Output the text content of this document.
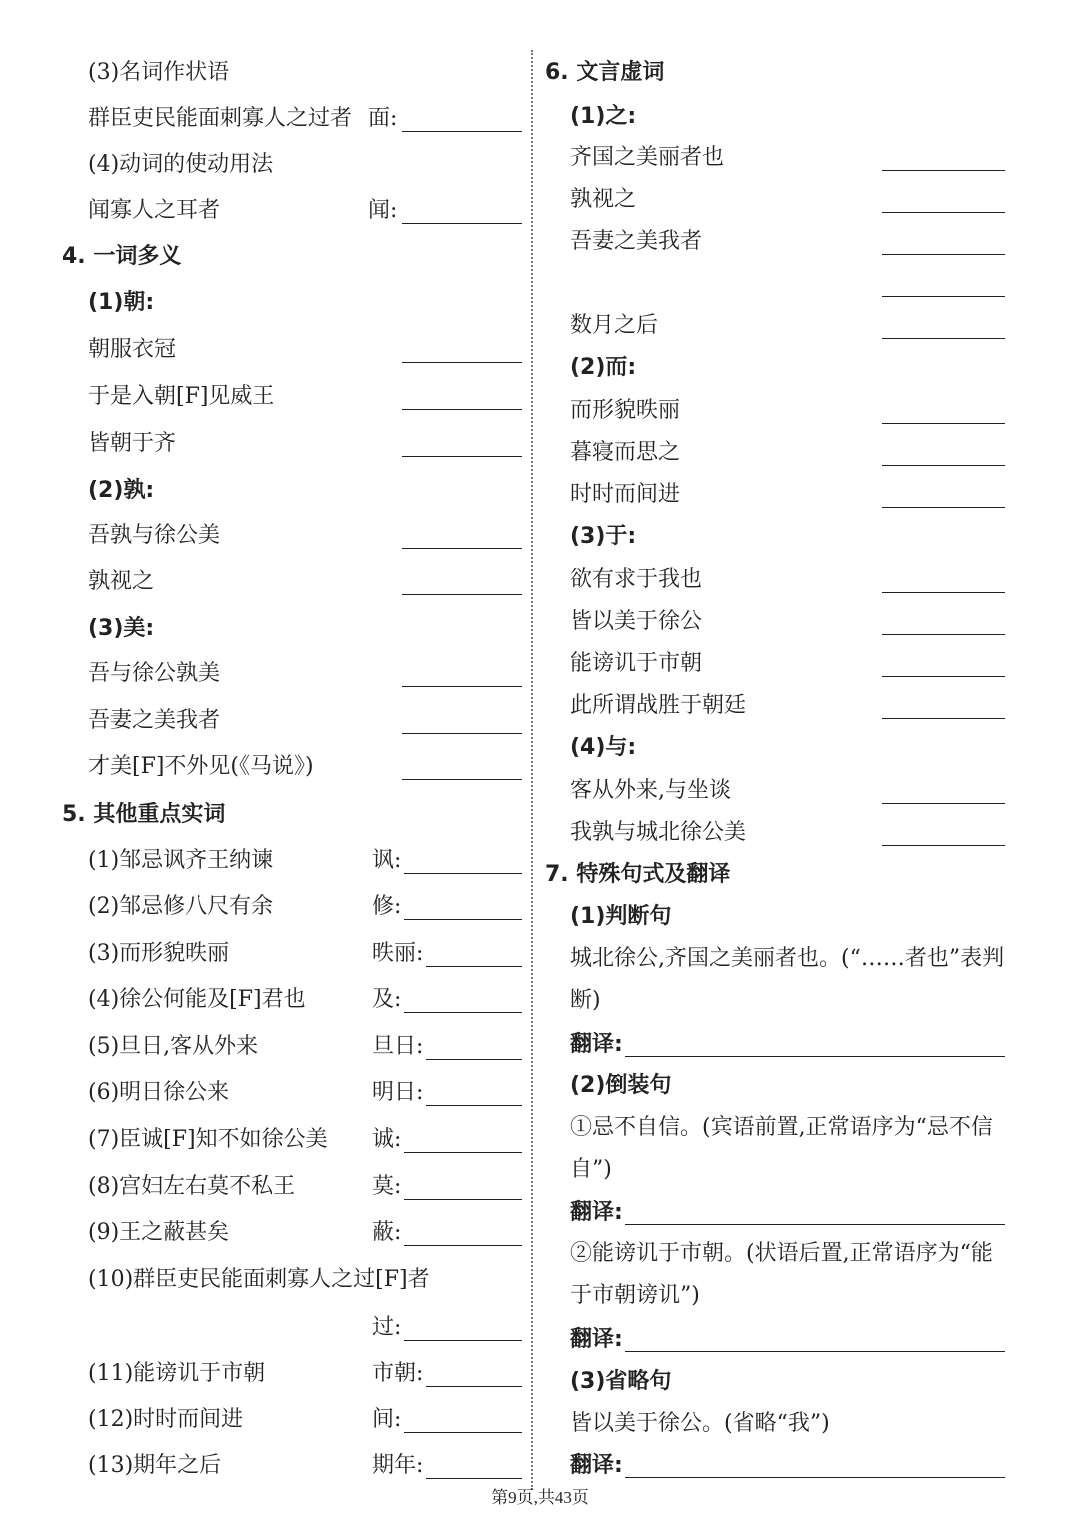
(3)名词作状语
群臣吏民能面刺寡人之过者 面:
(4)动词的使动用法
闻寡人之耳者	闻:
4. 一词多义
(1)朝:
朝服衣冠
于是入朝[F]见威王
皆朝于齐
(2)孰:
吾孰与徐公美
孰视之
(3)美:
吾与徐公孰美
吾妻之美我者
才美[F]不外见(《马说》)
5. 其他重点实词
(1)邹忌讽齐王纳谏	讽:
(2)邹忌修八尺有余	修:
(3)而形貌昳丽	昳丽:
(4)徐公何能及[F]君也	及:
(5)旦日,客从外来	旦日:
(6)明日徐公来	明日:
(7)臣诚[F]知不如徐公美 诚:
(8)宫妇左右莫不私王	莫:
(9)王之蔽甚矣	蔽:
(10)群臣吏民能面刺寡人之过[F]者
过:
(11)能谤讥于市朝	市朝:
(12)时时而间进	间:
(13)期年之后	期年:
6. 文言虚词
(1)之:
齐国之美丽者也
孰视之
吾妻之美我者
数月之后
(2)而:
而形貌昳丽
暮寝而思之
时时而间进
(3)于:
欲有求于我也
皆以美于徐公
能谤讥于市朝
此所谓战胜于朝廷
(4)与:
客从外来,与坐谈
我孰与城北徐公美
7. 特殊句式及翻译
(1)判断句
城北徐公,齐国之美丽者也。(“……者也”表判断)
翻译:
(2)倒装句
①忌不自信。(宾语前置,正常语序为“忌不信自”)
翻译:
②能谤讥于市朝。(状语后置,正常语序为“能于市朝谤讥”)
翻译:
(3)省略句
皆以美于徐公。(省略“我”)
翻译:
第9页,共43页
